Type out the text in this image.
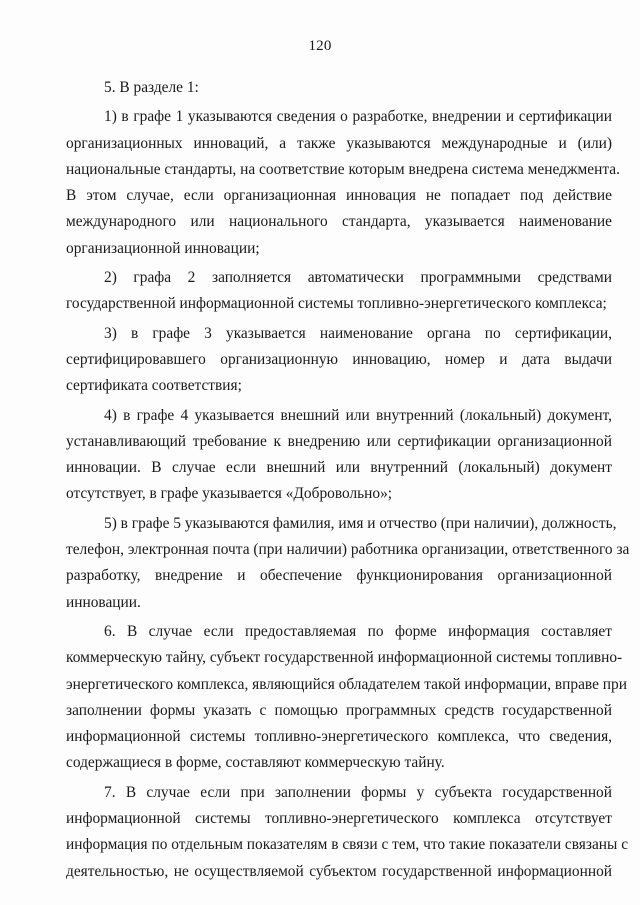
120
5. В разделе 1:
1) в графе 1 указываются сведения о разработке, внедрении и сертификации
организационных инноваций, а также указываются международные и (или)
национальные стандарты, на соответствие которым внедрена система менеджмента.
В этом случае, если организационная инновация не попадает под действие
международного или национального стандарта, указывается наименование
организационной инновации;
2) графа 2 заполняется автоматически программными средствами
государственной информационной системы топливно-энергетического комплекса;
3) в графе 3 указывается наименование органа по сертификации,
сертифицировавшего организационную инновацию, номер и дата выдачи
сертификата соответствия;
4) в графе 4 указывается внешний или внутренний (локальный) документ,
устанавливающий требование к внедрению или сертификации организационной
инновации. В случае если внешний или внутренний (локальный) документ
отсутствует, в графе указывается «Добровольно»;
5) в графе 5 указываются фамилия, имя и отчество (при наличии), должность,
телефон, электронная почта (при наличии) работника организации, ответственного за
разработку, внедрение и обеспечение функционирования организационной
инновации.
6. В случае если предоставляемая по форме информация составляет
коммерческую тайну, субъект государственной информационной системы топливно-
энергетического комплекса, являющийся обладателем такой информации, вправе при
заполнении формы указать с помощью программных средств государственной
информационной системы топливно-энергетического комплекса, что сведения,
содержащиеся в форме, составляют коммерческую тайну.
7. В случае если при заполнении формы у субъекта государственной
информационной системы топливно-энергетического комплекса отсутствует
информация по отдельным показателям в связи с тем, что такие показатели связаны с
деятельностью, не осуществляемой субъектом государственной информационной
